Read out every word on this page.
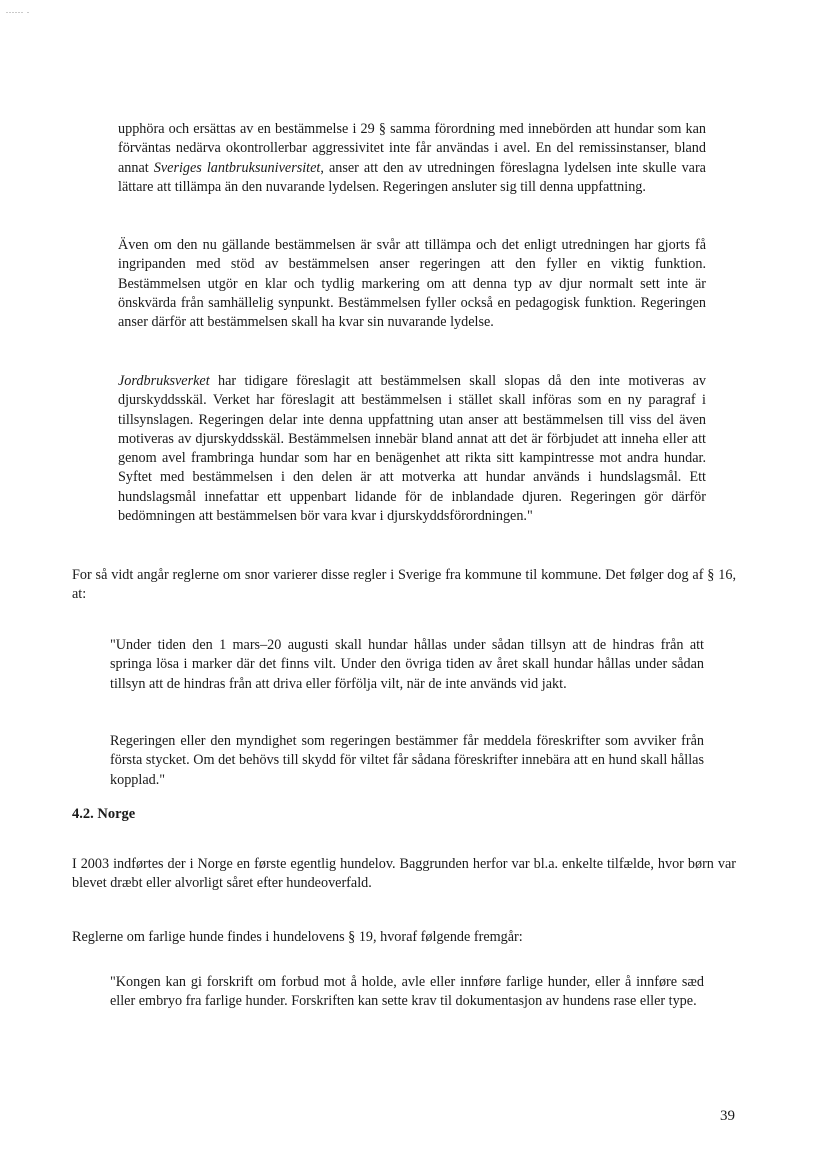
...... .

upphöra och ersättas av en bestämmelse i 29 § samma förordning med innebörden att hundar som kan förväntas nedärva okontrollerbar aggressivitet inte får användas i avel. En del remissinstanser, bland annat Sveriges lantbruksuniversitet, anser att den av utredningen föreslagna lydelsen inte skulle vara lättare att tillämpa än den nuvarande lydelsen. Regeringen ansluter sig till denna uppfattning.

Även om den nu gällande bestämmelsen är svår att tillämpa och det enligt utredningen har gjorts få ingripanden med stöd av bestämmelsen anser regeringen att den fyller en viktig funktion. Bestämmelsen utgör en klar och tydlig markering om att denna typ av djur normalt sett inte är önskvärda från samhällelig synpunkt. Bestämmelsen fyller också en pedagogisk funktion. Regeringen anser därför att bestämmelsen skall ha kvar sin nuvarande lydelse.

Jordbruksverket har tidigare föreslagit att bestämmelsen skall slopas då den inte motiveras av djurskyddsskäl. Verket har föreslagit att bestämmelsen i stället skall införas som en ny paragraf i tillsynslagen. Regeringen delar inte denna uppfattning utan anser att bestämmelsen till viss del även motiveras av djurskyddsskäl. Bestämmelsen innebär bland annat att det är förbjudet att inneha eller att genom avel frambringa hundar som har en benägenhet att rikta sitt kampintresse mot andra hundar. Syftet med bestämmelsen i den delen är att motverka att hundar används i hundslagsmål. Ett hundslagsmål innefattar ett uppenbart lidande för de inblandade djuren. Regeringen gör därför bedömningen att bestämmelsen bör vara kvar i djurskyddsförordningen."

For så vidt angår reglerne om snor varierer disse regler i Sverige fra kommune til kommune. Det følger dog af § 16, at:

"Under tiden den 1 mars–20 augusti skall hundar hållas under sådan tillsyn att de hindras från att springa lösa i marker där det finns vilt. Under den övriga tiden av året skall hundar hållas under sådan tillsyn att de hindras från att driva eller förfölja vilt, när de inte används vid jakt.

Regeringen eller den myndighet som regeringen bestämmer får meddela föreskrifter som avviker från första stycket. Om det behövs till skydd för viltet får sådana föreskrifter innebära att en hund skall hållas kopplad."

4.2. Norge

I 2003 indførtes der i Norge en første egentlig hundelov. Baggrunden herfor var bl.a. enkelte tilfælde, hvor børn var blevet dræbt eller alvorligt såret efter hundeoverfald.

Reglerne om farlige hunde findes i hundelovens § 19, hvoraf følgende fremgår:

"Kongen kan gi forskrift om forbud mot å holde, avle eller innføre farlige hunder, eller å innføre sæd eller embryo fra farlige hunder. Forskriften kan sette krav til dokumentasjon av hundens rase eller type.

39
